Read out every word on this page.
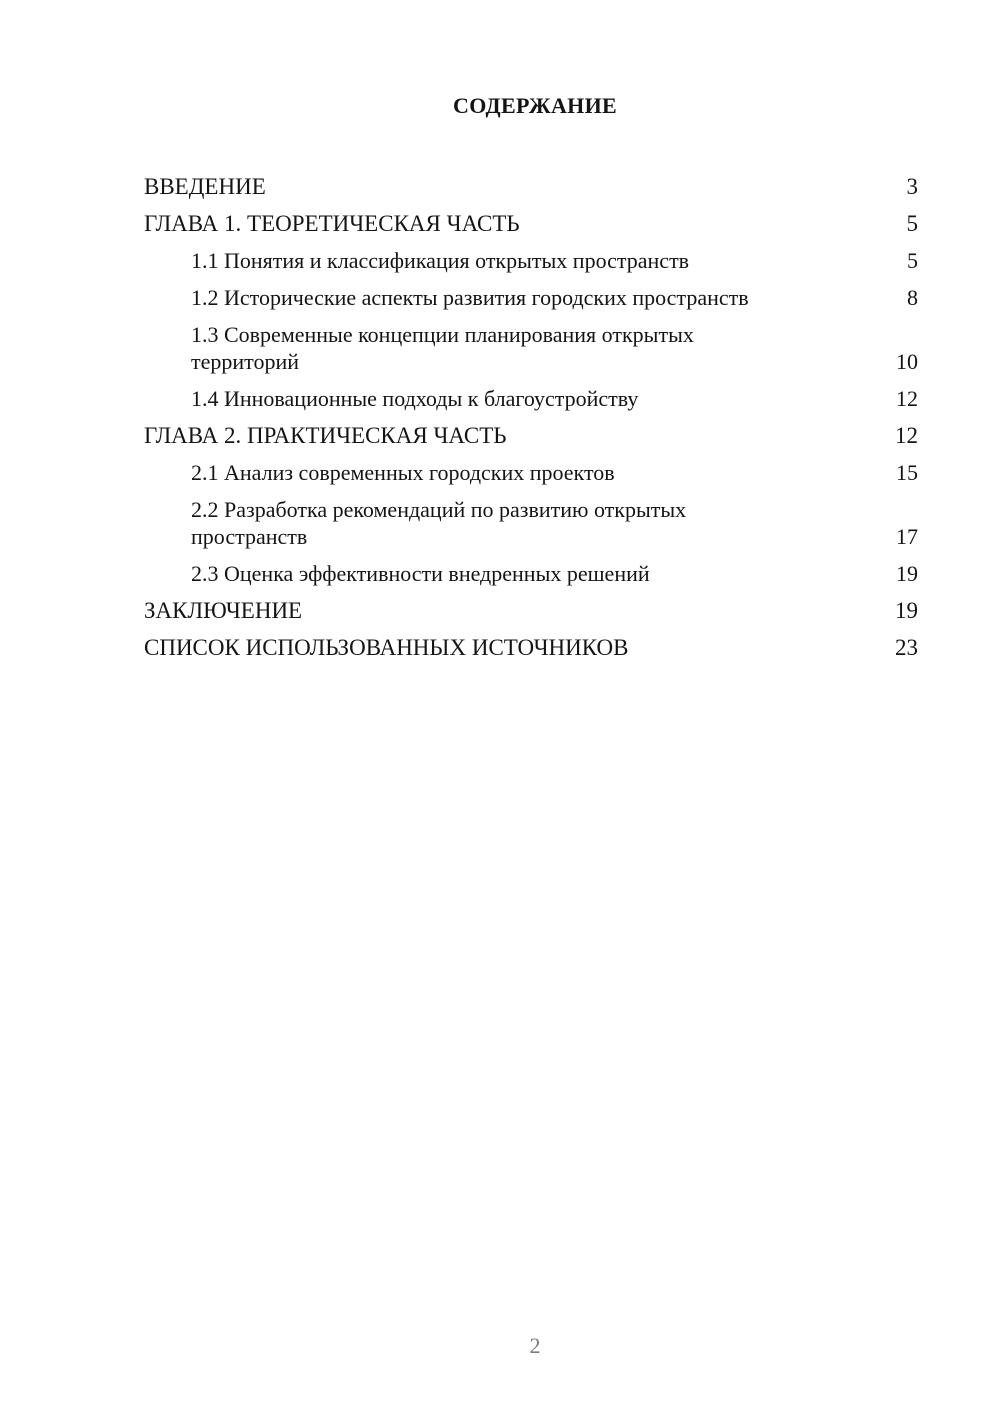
СОДЕРЖАНИЕ
ВВЕДЕНИЕ	3
ГЛАВА 1. ТЕОРЕТИЧЕСКАЯ ЧАСТЬ	5
1.1 Понятия и классификация открытых пространств	5
1.2 Исторические аспекты развития городских пространств	8
1.3 Современные концепции планирования открытых территорий	10
1.4 Инновационные подходы к благоустройству	12
ГЛАВА 2. ПРАКТИЧЕСКАЯ ЧАСТЬ	12
2.1 Анализ современных городских проектов	15
2.2 Разработка рекомендаций по развитию открытых пространств	17
2.3 Оценка эффективности внедренных решений	19
ЗАКЛЮЧЕНИЕ	19
СПИСОК ИСПОЛЬЗОВАННЫХ ИСТОЧНИКОВ	23

2
